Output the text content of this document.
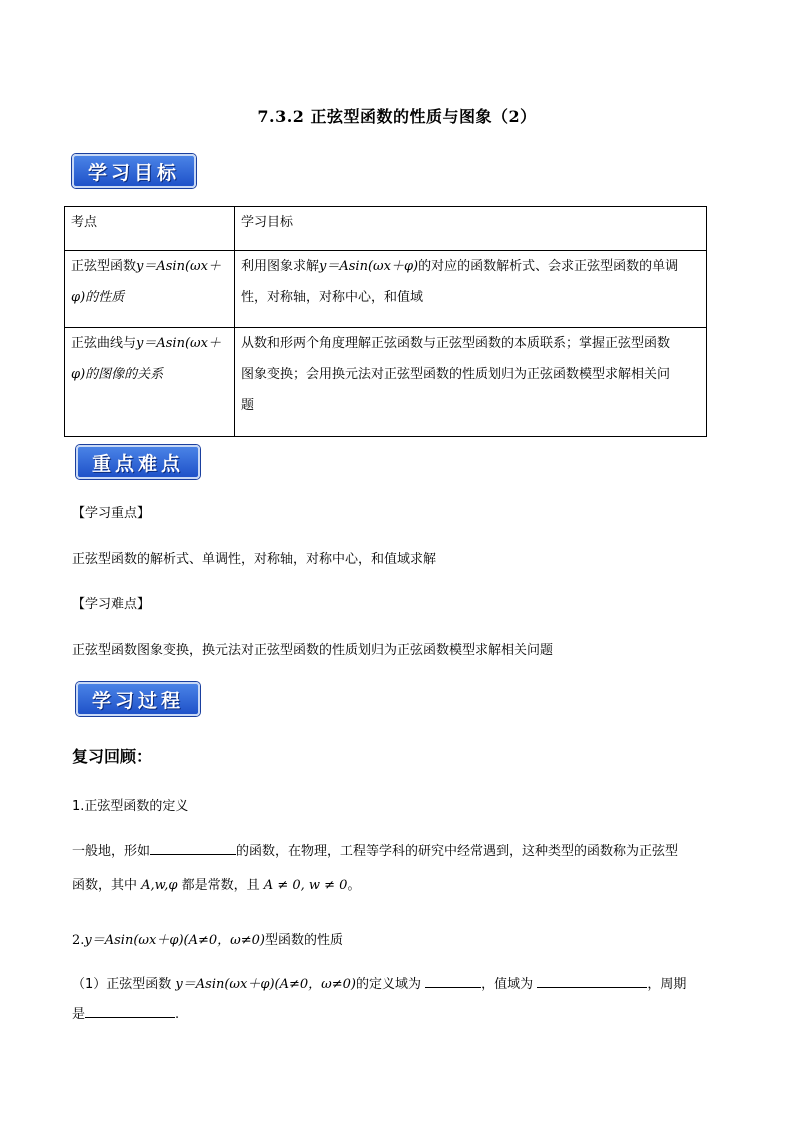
7.3.2 正弦型函数的性质与图象（2）
学习目标
考点	学习目标
正弦型函数y＝Asin(ωx＋
φ)的性质	利用图象求解y＝Asin(ωx＋φ)的对应的函数解析式、会求正弦型函数的单调
性，对称轴，对称中心，和值域
正弦曲线与y＝Asin(ωx＋
φ)的图像的关系	从数和形两个角度理解正弦函数与正弦型函数的本质联系；掌握正弦型函数
图象变换；会用换元法对正弦型函数的性质划归为正弦函数模型求解相关问
题
重点难点
【学习重点】
正弦型函数的解析式、单调性，对称轴，对称中心，和值域求解
【学习难点】
正弦型函数图象变换，换元法对正弦型函数的性质划归为正弦函数模型求解相关问题
学习过程
复习回顾：
1.正弦型函数的定义
一般地，形如	的函数，在物理，工程等学科的研究中经常遇到，这种类型的函数称为正弦型
函数，其中 A,w,φ 都是常数，且 A ≠ 0, w ≠ 0。
2.y＝Asin(ωx＋φ)(A≠0，ω≠0)型函数的性质
（1）正弦型函数 y＝Asin(ωx＋φ)(A≠0，ω≠0)的定义域为	，值域为	，周期
是	.
